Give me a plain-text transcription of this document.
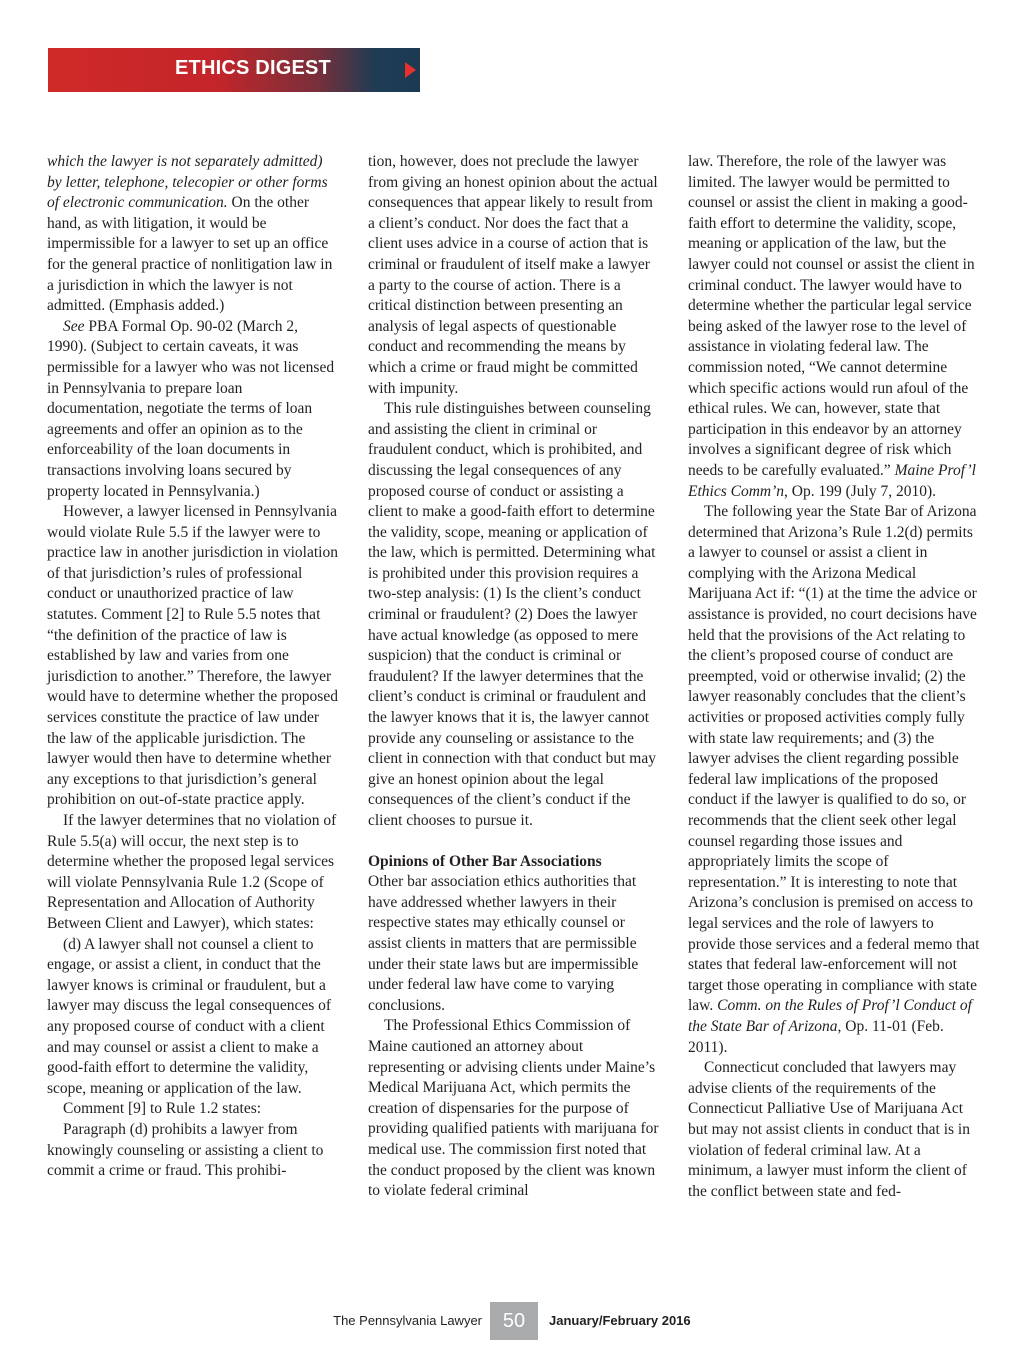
ETHICS DIGEST

which the lawyer is not separately admitted) by letter, telephone, telecopier or other forms of electronic communication. On the other hand, as with litigation, it would be impermissible for a lawyer to set up an office for the general practice of nonlitigation law in a jurisdiction in which the lawyer is not admitted. (Emphasis added.)

See PBA Formal Op. 90-02 (March 2, 1990). (Subject to certain caveats, it was permissible for a lawyer who was not licensed in Pennsylvania to prepare loan documentation, negotiate the terms of loan agreements and offer an opinion as to the enforceability of the loan documents in transactions involving loans secured by property located in Pennsylvania.)

However, a lawyer licensed in Pennsylvania would violate Rule 5.5 if the lawyer were to practice law in another jurisdiction in violation of that jurisdiction’s rules of professional conduct or unauthorized practice of law statutes. Comment [2] to Rule 5.5 notes that “the definition of the practice of law is established by law and varies from one jurisdiction to another.” Therefore, the lawyer would have to determine whether the proposed services constitute the practice of law under the law of the applicable jurisdiction. The lawyer would then have to determine whether any exceptions to that jurisdiction’s general prohibition on out-of-state practice apply.

If the lawyer determines that no violation of Rule 5.5(a) will occur, the next step is to determine whether the proposed legal services will violate Pennsylvania Rule 1.2 (Scope of Representation and Allocation of Authority Between Client and Lawyer), which states:

(d) A lawyer shall not counsel a client to engage, or assist a client, in conduct that the lawyer knows is criminal or fraudulent, but a lawyer may discuss the legal consequences of any proposed course of conduct with a client and may counsel or assist a client to make a good-faith effort to determine the validity, scope, meaning or application of the law.

Comment [9] to Rule 1.2 states:

Paragraph (d) prohibits a lawyer from knowingly counseling or assisting a client to commit a crime or fraud. This prohibi-

tion, however, does not preclude the lawyer from giving an honest opinion about the actual consequences that appear likely to result from a client’s conduct. Nor does the fact that a client uses advice in a course of action that is criminal or fraudulent of itself make a lawyer a party to the course of action. There is a critical distinction between presenting an analysis of legal aspects of questionable conduct and recommending the means by which a crime or fraud might be committed with impunity.

This rule distinguishes between counseling and assisting the client in criminal or fraudulent conduct, which is prohibited, and discussing the legal consequences of any proposed course of conduct or assisting a client to make a good-faith effort to determine the validity, scope, meaning or application of the law, which is permitted. Determining what is prohibited under this provision requires a two-step analysis: (1) Is the client’s conduct criminal or fraudulent? (2) Does the lawyer have actual knowledge (as opposed to mere suspicion) that the conduct is criminal or fraudulent? If the lawyer determines that the client’s conduct is criminal or fraudulent and the lawyer knows that it is, the lawyer cannot provide any counseling or assistance to the client in connection with that conduct but may give an honest opinion about the legal consequences of the client’s conduct if the client chooses to pursue it.

Opinions of Other Bar Associations

Other bar association ethics authorities that have addressed whether lawyers in their respective states may ethically counsel or assist clients in matters that are permissible under their state laws but are impermissible under federal law have come to varying conclusions.

The Professional Ethics Commission of Maine cautioned an attorney about representing or advising clients under Maine’s Medical Marijuana Act, which permits the creation of dispensaries for the purpose of providing qualified patients with marijuana for medical use. The commission first noted that the conduct proposed by the client was known to violate federal criminal

law. Therefore, the role of the lawyer was limited. The lawyer would be permitted to counsel or assist the client in making a good-faith effort to determine the validity, scope, meaning or application of the law, but the lawyer could not counsel or assist the client in criminal conduct. The lawyer would have to determine whether the particular legal service being asked of the lawyer rose to the level of assistance in violating federal law. The commission noted, “We cannot determine which specific actions would run afoul of the ethical rules. We can, however, state that participation in this endeavor by an attorney involves a significant degree of risk which needs to be carefully evaluated.” Maine Prof’l Ethics Comm’n, Op. 199 (July 7, 2010).

The following year the State Bar of Arizona determined that Arizona’s Rule 1.2(d) permits a lawyer to counsel or assist a client in complying with the Arizona Medical Marijuana Act if: “(1) at the time the advice or assistance is provided, no court decisions have held that the provisions of the Act relating to the client’s proposed course of conduct are preempted, void or otherwise invalid; (2) the lawyer reasonably concludes that the client’s activities or proposed activities comply fully with state law requirements; and (3) the lawyer advises the client regarding possible federal law implications of the proposed conduct if the lawyer is qualified to do so, or recommends that the client seek other legal counsel regarding those issues and appropriately limits the scope of representation.” It is interesting to note that Arizona’s conclusion is premised on access to legal services and the role of lawyers to provide those services and a federal memo that states that federal law-enforcement will not target those operating in compliance with state law. Comm. on the Rules of Prof’l Conduct of the State Bar of Arizona, Op. 11-01 (Feb. 2011).

Connecticut concluded that lawyers may advise clients of the requirements of the Connecticut Palliative Use of Marijuana Act but may not assist clients in conduct that is in violation of federal criminal law. At a minimum, a lawyer must inform the client of the conflict between state and fed-

The Pennsylvania Lawyer	50	January/February 2016
